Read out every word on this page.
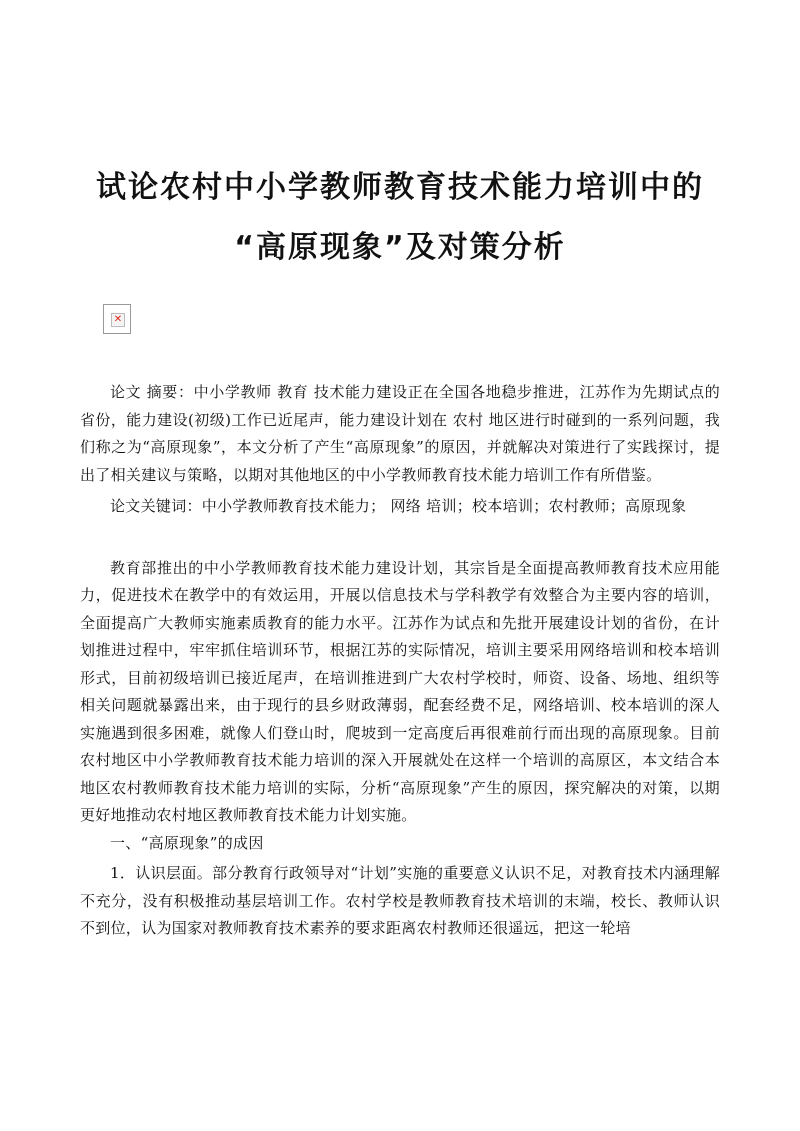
试论农村中小学教师教育技术能力培训中的
“高原现象”及对策分析
✕

论文 摘要：中小学教师 教育 技术能力建设正在全国各地稳步推进，江苏作为先期试点的省份，能力建设(初级)工作已近尾声，能力建设计划在 农村 地区进行时碰到的一系列问题，我们称之为“高原现象”，本文分析了产生“高原现象”的原因，并就解决对策进行了实践探讨，提出了相关建议与策略，以期对其他地区的中小学教师教育技术能力培训工作有所借鉴。

论文关键词：中小学教师教育技术能力； 网络 培训；校本培训；农村教师；高原现象

教育部推出的中小学教师教育技术能力建设计划，其宗旨是全面提高教师教育技术应用能力，促进技术在教学中的有效运用，开展以信息技术与学科教学有效整合为主要内容的培训，全面提高广大教师实施素质教育的能力水平。江苏作为试点和先批开展建设计划的省份，在计划推进过程中，牢牢抓住培训环节，根据江苏的实际情况，培训主要采用网络培训和校本培训形式，目前初级培训已接近尾声，在培训推进到广大农村学校时，师资、设备、场地、组织等相关问题就暴露出来，由于现行的县乡财政薄弱，配套经费不足，网络培训、校本培训的深人实施遇到很多困难，就像人们登山时，爬坡到一定高度后再很难前行而出现的高原现象。目前农村地区中小学教师教育技术能力培训的深入开展就处在这样一个培训的高原区，本文结合本地区农村教师教育技术能力培训的实际，分析“高原现象”产生的原因，探究解决的对策，以期更好地推动农村地区教师教育技术能力计划实施。

一、“高原现象”的成因

1．认识层面。部分教育行政领导对“计划”实施的重要意义认识不足，对教育技术内涵理解不充分，没有积极推动基层培训工作。农村学校是教师教育技术培训的末端，校长、教师认识不到位，认为国家对教师教育技术素养的要求距离农村教师还很遥远，把这一轮培
